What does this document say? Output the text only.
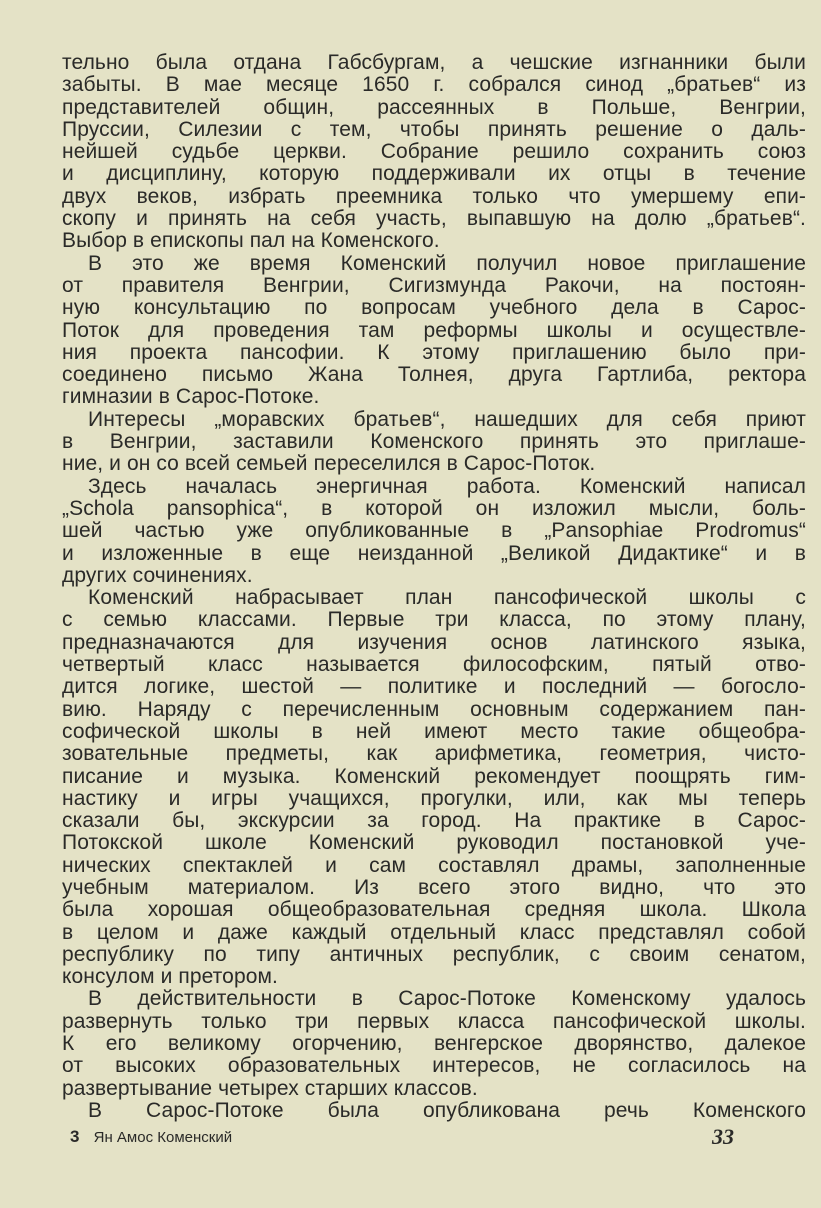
тельно была отдана Габсбургам, а чешские изгнанники были
забыты. В мае месяце 1650 г. собрался синод „братьев“ из
представителей общин, рассеянных в Польше, Венгрии,
Пруссии, Силезии с тем, чтобы принять решение о даль-
нейшей судьбе церкви. Собрание решило сохранить союз
и дисциплину, которую поддерживали их отцы в течение
двух веков, избрать преемника только что умершему епи-
скопу и принять на себя участь, выпавшую на долю „братьев“.
Выбор в епископы пал на Коменского.
В это же время Коменский получил новое приглашение
от правителя Венгрии, Сигизмунда Ракочи, на постоян-
ную консультацию по вопросам учебного дела в Сарос-
Поток для проведения там реформы школы и осуществле-
ния проекта пансофии. К этому приглашению было при-
соединено письмо Жана Толнея, друга Гартлиба, ректора
гимназии в Сарос-Потоке.
Интересы „моравских братьев“, нашедших для себя приют
в Венгрии, заставили Коменского принять это приглаше-
ние, и он со всей семьей переселился в Сарос-Поток.
Здесь началась энергичная работа. Коменский написал
„Schola pansophica“, в которой он изложил мысли, боль-
шей частью уже опубликованные в „Pansophiae Prodromus“
и изложенные в еще неизданной „Великой Дидактике“ и в
других сочинениях.
Коменский набрасывает план пансофической школы с
с семью классами. Первые три класса, по этому плану,
предназначаются для изучения основ латинского языка,
четвертый класс называется философским, пятый отво-
дится логике, шестой — политике и последний — богосло-
вию. Наряду с перечисленным основным содержанием пан-
софической школы в ней имеют место такие общеобра-
зовательные предметы, как арифметика, геометрия, чисто-
писание и музыка. Коменский рекомендует поощрять гим-
настику и игры учащихся, прогулки, или, как мы теперь
сказали бы, экскурсии за город. На практике в Сарос-
Потокской школе Коменский руководил постановкой уче-
нических спектаклей и сам составлял драмы, заполненные
учебным материалом. Из всего этого видно, что это
была хорошая общеобразовательная средняя школа. Школа
в целом и даже каждый отдельный класс представлял собой
республику по типу античных республик, с своим сенатом,
консулом и претором.
В действительности в Сарос-Потоке Коменскому удалось
развернуть только три первых класса пансофической школы.
К его великому огорчению, венгерское дворянство, далекое
от высоких образовательных интересов, не согласилось на
развертывание четырех старших классов.
В Сарос-Потоке была опубликована речь Коменского
3 Ян Амос Коменский	33
